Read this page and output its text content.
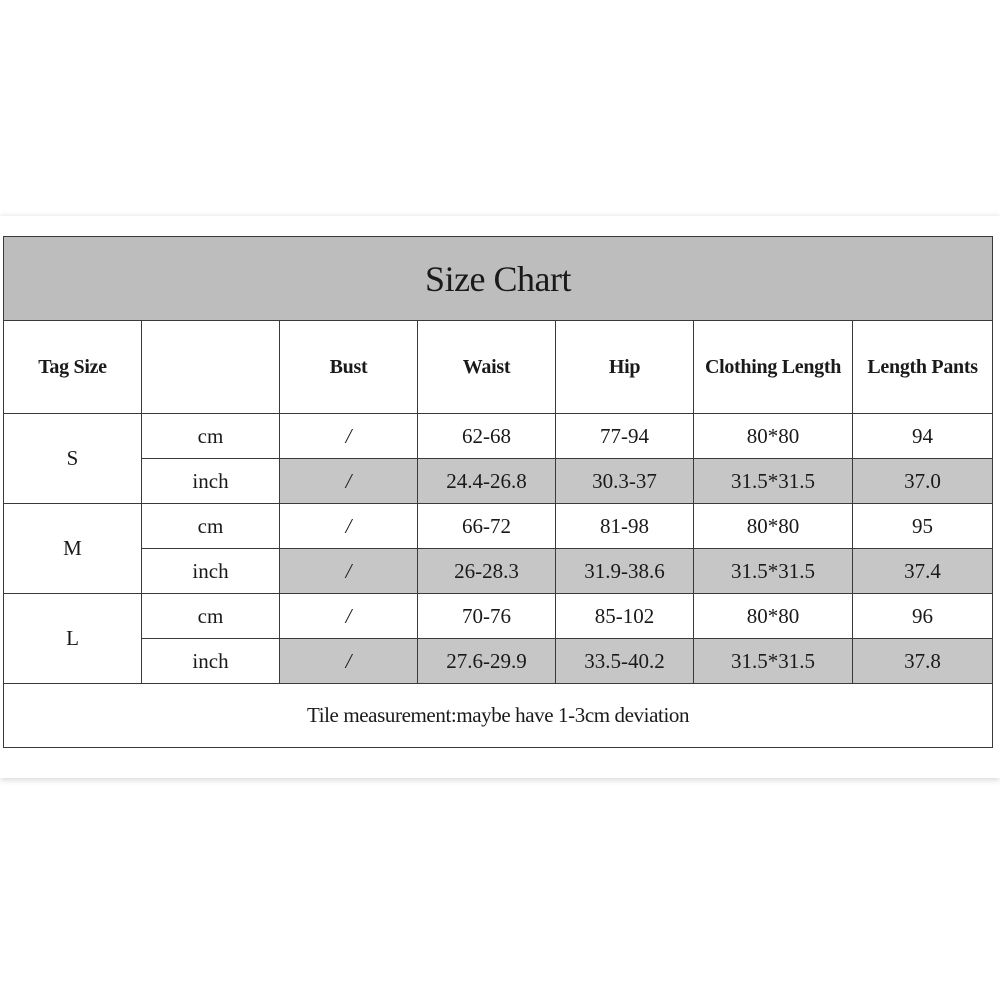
Size Chart						
Tag Size		Bust	Waist	Hip	Clothing Length	Length Pants
S	cm	/	62-68	77-94	80*80	94
	inch	/	24.4-26.8	30.3-37	31.5*31.5	37.0
M	cm	/	66-72	81-98	80*80	95
	inch	/	26-28.3	31.9-38.6	31.5*31.5	37.4
L	cm	/	70-76	85-102	80*80	96
	inch	/	27.6-29.9	33.5-40.2	31.5*31.5	37.8
Tile measurement:maybe have 1-3cm deviation						
